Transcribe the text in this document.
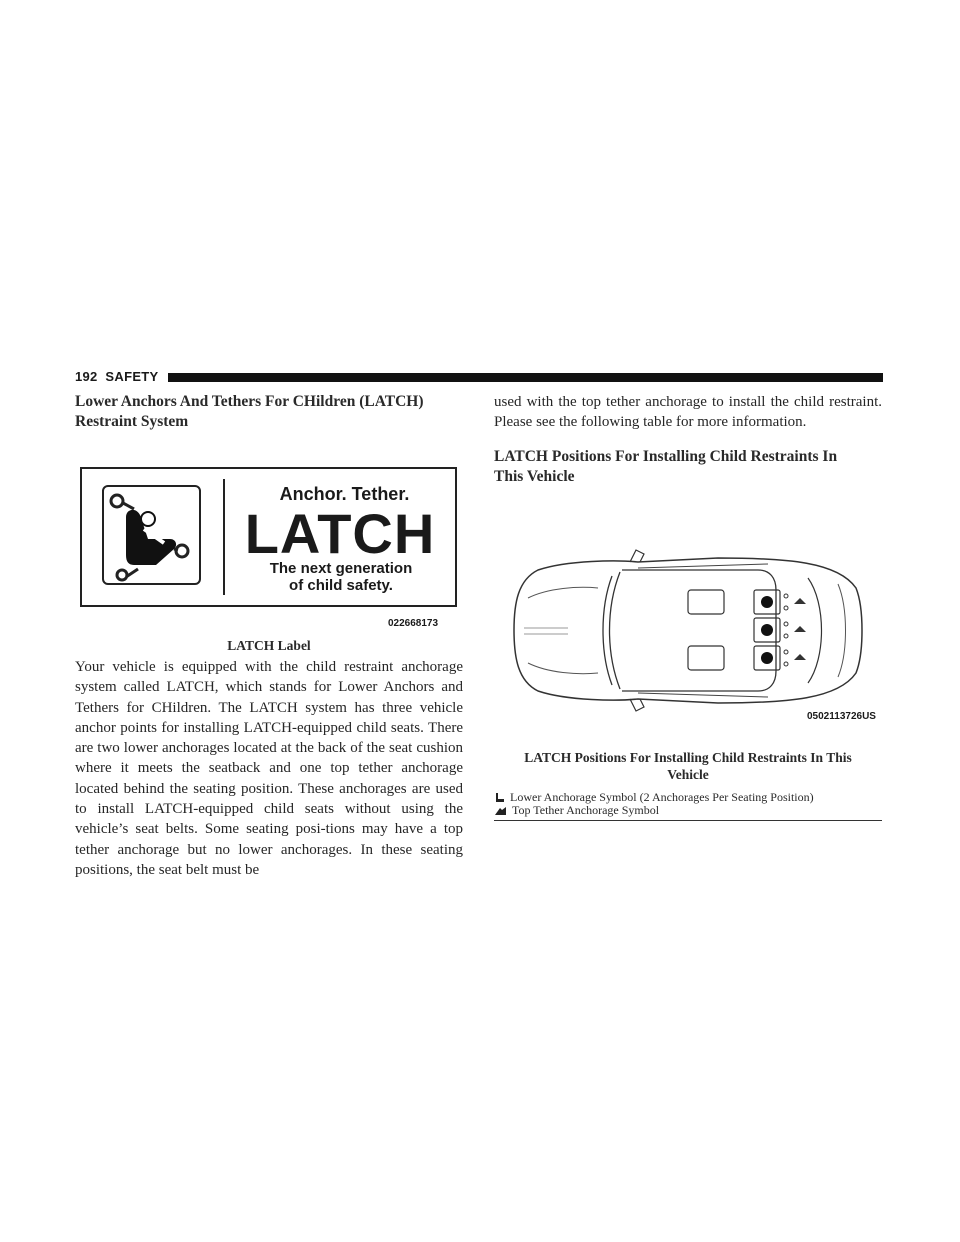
192 SAFETY
Lower Anchors And Tethers For CHildren (LATCH)
Restraint System
Anchor. Tether.
LATCH
The next generation
of child safety.
022668173
LATCH Label

Your vehicle is equipped with the child restraint anchorage system called LATCH, which stands for Lower Anchors and Tethers for CHildren. The LATCH system has three vehicle anchor points for installing LATCH-equipped child seats. There are two lower anchorages located at the back of the seat cushion where it meets the seatback and one top tether anchorage located behind the seating position. These anchorages are used to install LATCH-equipped child seats without using the vehicle’s seat belts. Some seating posi-tions may have a top tether anchorage but no lower anchorages. In these seating positions, the seat belt must be

used with the top tether anchorage to install the child restraint. Please see the following table for more information.

LATCH Positions For Installing Child Restraints In
This Vehicle
0502113726US
LATCH Positions For Installing Child Restraints In This
Vehicle
Lower Anchorage Symbol (2 Anchorages Per Seating Position)
Top Tether Anchorage Symbol
